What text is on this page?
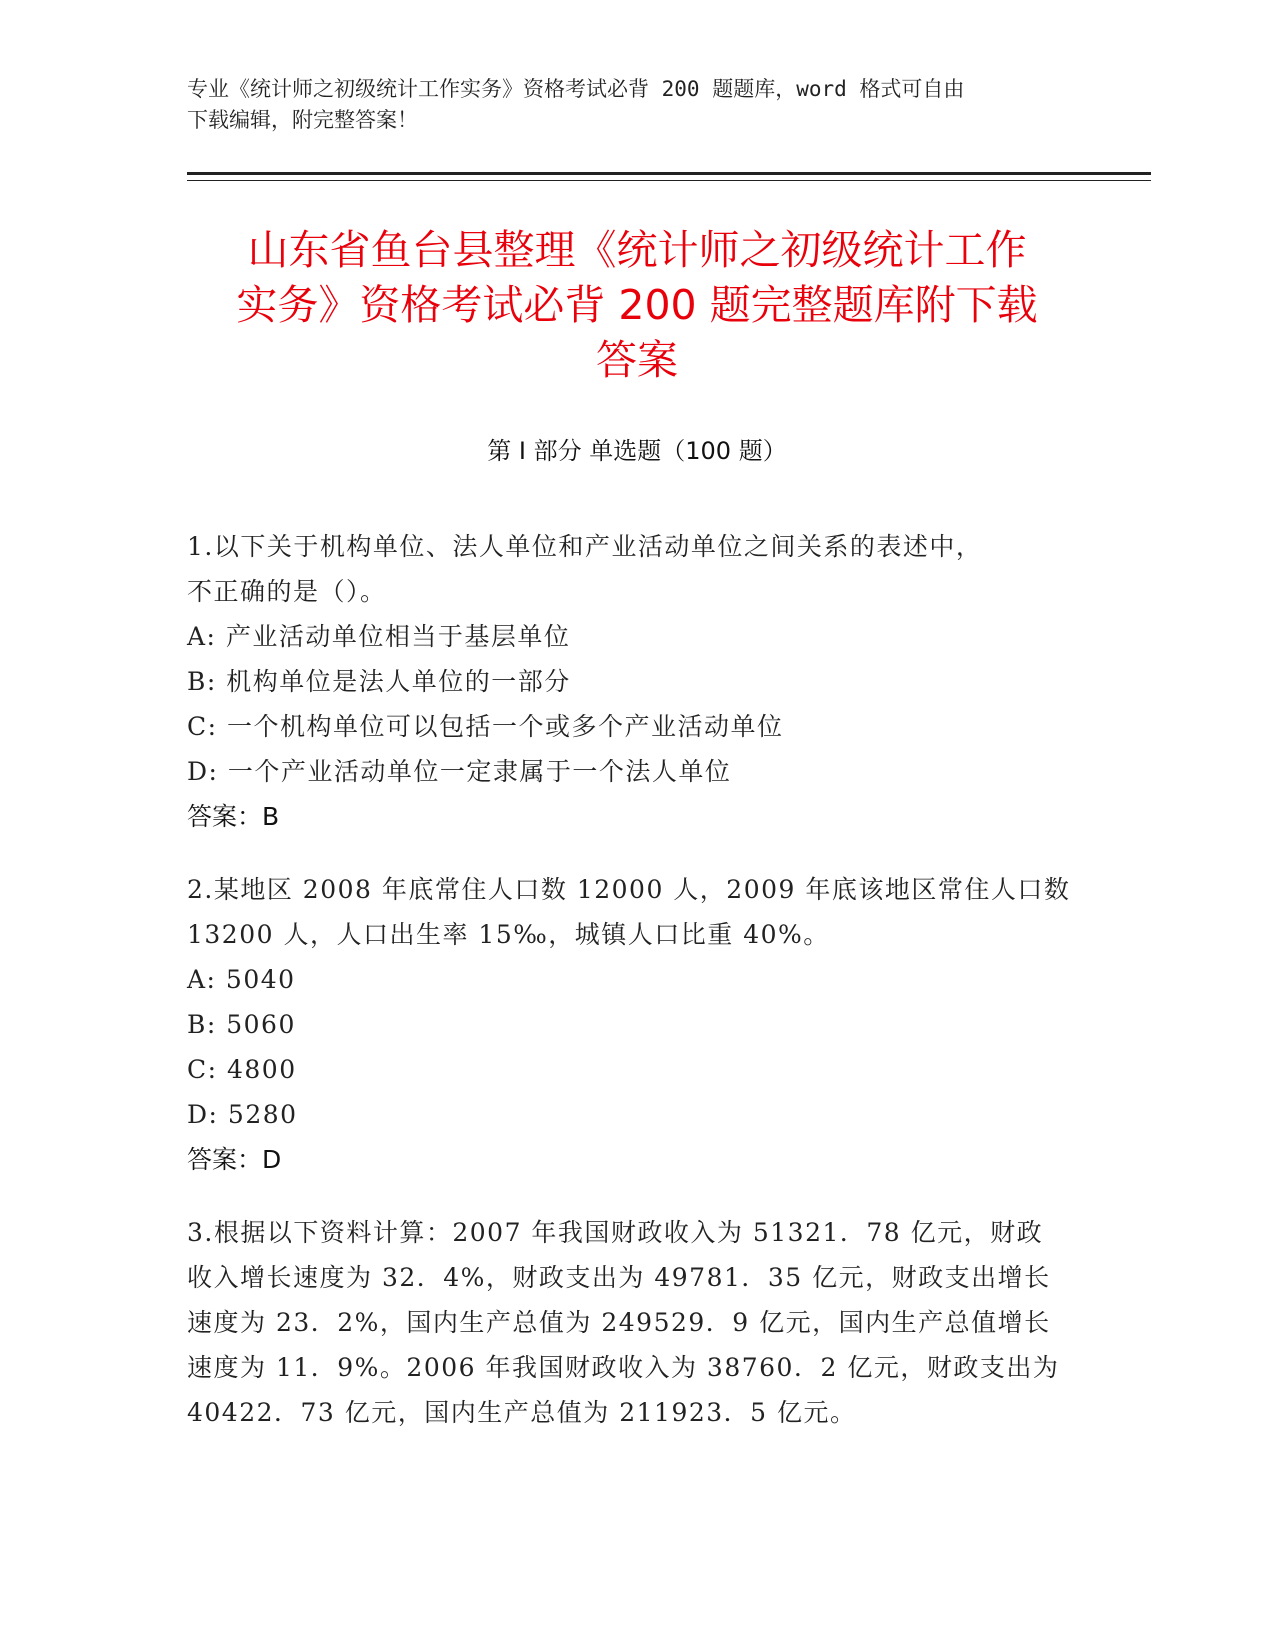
专业《统计师之初级统计工作实务》资格考试必背 200 题题库，word 格式可自由
下载编辑，附完整答案！
山东省鱼台县整理《统计师之初级统计工作
实务》资格考试必背 200 题完整题库附下载
答案
第 I 部分 单选题（100 题）
1.以下关于机构单位、法人单位和产业活动单位之间关系的表述中，
不正确的是（）。
A: 产业活动单位相当于基层单位
B: 机构单位是法人单位的一部分
C: 一个机构单位可以包括一个或多个产业活动单位
D: 一个产业活动单位一定隶属于一个法人单位
答案：B
2.某地区 2008 年底常住人口数 12000 人，2009 年底该地区常住人口数
13200 人，人口出生率 15‰，城镇人口比重 40%。
A: 5040
B: 5060
C: 4800
D: 5280
答案：D
3.根据以下资料计算：2007 年我国财政收入为 51321．78 亿元，财政
收入增长速度为 32．4%，财政支出为 49781．35 亿元，财政支出增长
速度为 23．2%，国内生产总值为 249529．9 亿元，国内生产总值增长
速度为 11．9%。2006 年我国财政收入为 38760．2 亿元，财政支出为
40422．73 亿元，国内生产总值为 211923．5 亿元。
